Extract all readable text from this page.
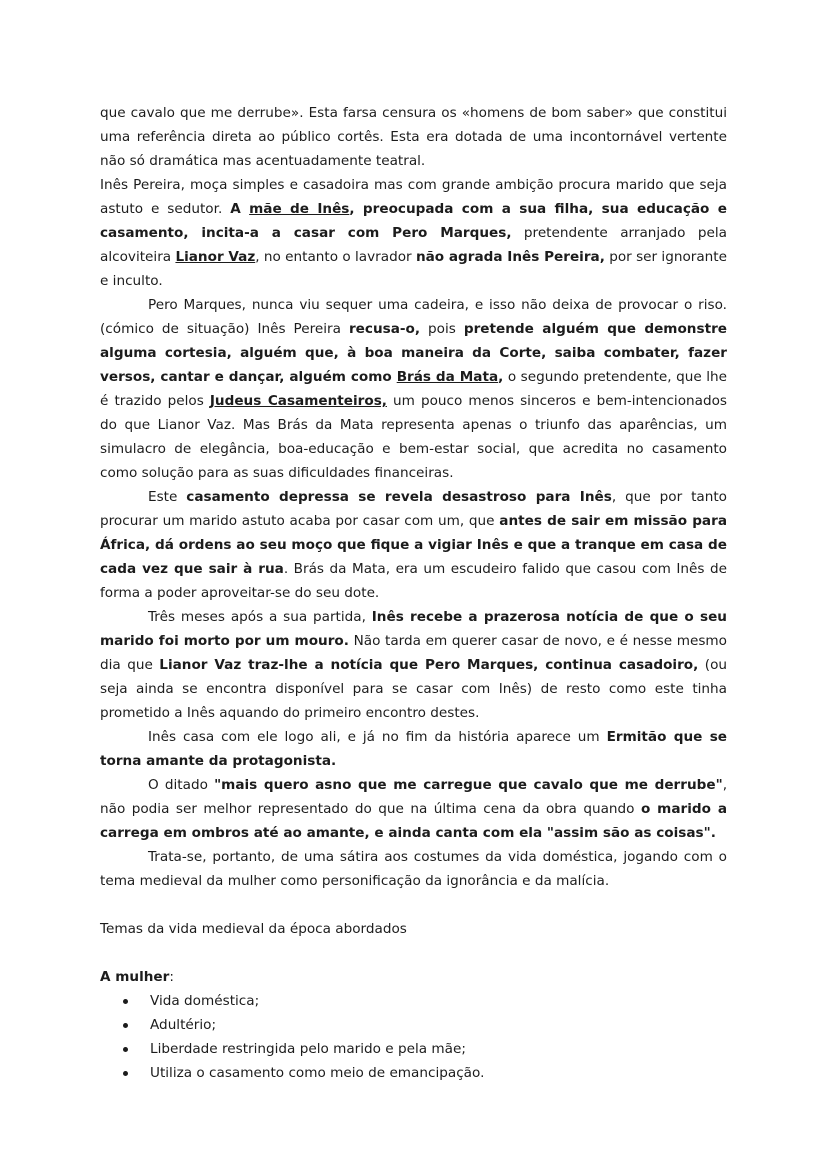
que cavalo que me derrube». Esta farsa censura os «homens de bom saber» que constitui uma referência direta ao público cortês. Esta era dotada de uma incontornável vertente não só dramática mas acentuadamente teatral.

Inês Pereira, moça simples e casadoira mas com grande ambição procura marido que seja astuto e sedutor. A mãe de Inês, preocupada com a sua filha, sua educação e casamento, incita-a a casar com Pero Marques, pretendente arranjado pela alcoviteira Lianor Vaz, no entanto o lavrador não agrada Inês Pereira, por ser ignorante e inculto.

Pero Marques, nunca viu sequer uma cadeira, e isso não deixa de provocar o riso. (cómico de situação) Inês Pereira recusa-o, pois pretende alguém que demonstre alguma cortesia, alguém que, à boa maneira da Corte, saiba combater, fazer versos, cantar e dançar, alguém como Brás da Mata, o segundo pretendente, que lhe é trazido pelos Judeus Casamenteiros, um pouco menos sinceros e bem-intencionados do que Lianor Vaz. Mas Brás da Mata representa apenas o triunfo das aparências, um simulacro de elegância, boa-educação e bem-estar social, que acredita no casamento como solução para as suas dificuldades financeiras.

Este casamento depressa se revela desastroso para Inês, que por tanto procurar um marido astuto acaba por casar com um, que antes de sair em missão para África, dá ordens ao seu moço que fique a vigiar Inês e que a tranque em casa de cada vez que sair à rua. Brás da Mata, era um escudeiro falido que casou com Inês de forma a poder aproveitar-se do seu dote.

Três meses após a sua partida, Inês recebe a prazerosa notícia de que o seu marido foi morto por um mouro. Não tarda em querer casar de novo, e é nesse mesmo dia que Lianor Vaz traz-lhe a notícia que Pero Marques, continua casadoiro, (ou seja ainda se encontra disponível para se casar com Inês) de resto como este tinha prometido a Inês aquando do primeiro encontro destes.

Inês casa com ele logo ali, e já no fim da história aparece um Ermitão que se torna amante da protagonista.

O ditado "mais quero asno que me carregue que cavalo que me derrube", não podia ser melhor representado do que na última cena da obra quando o marido a carrega em ombros até ao amante, e ainda canta com ela "assim são as coisas".

Trata-se, portanto, de uma sátira aos costumes da vida doméstica, jogando com o tema medieval da mulher como personificação da ignorância e da malícia.

Temas da vida medieval da época abordados

A mulher:

Vida doméstica;
Adultério;
Liberdade restringida pelo marido e pela mãe;
Utiliza o casamento como meio de emancipação.
